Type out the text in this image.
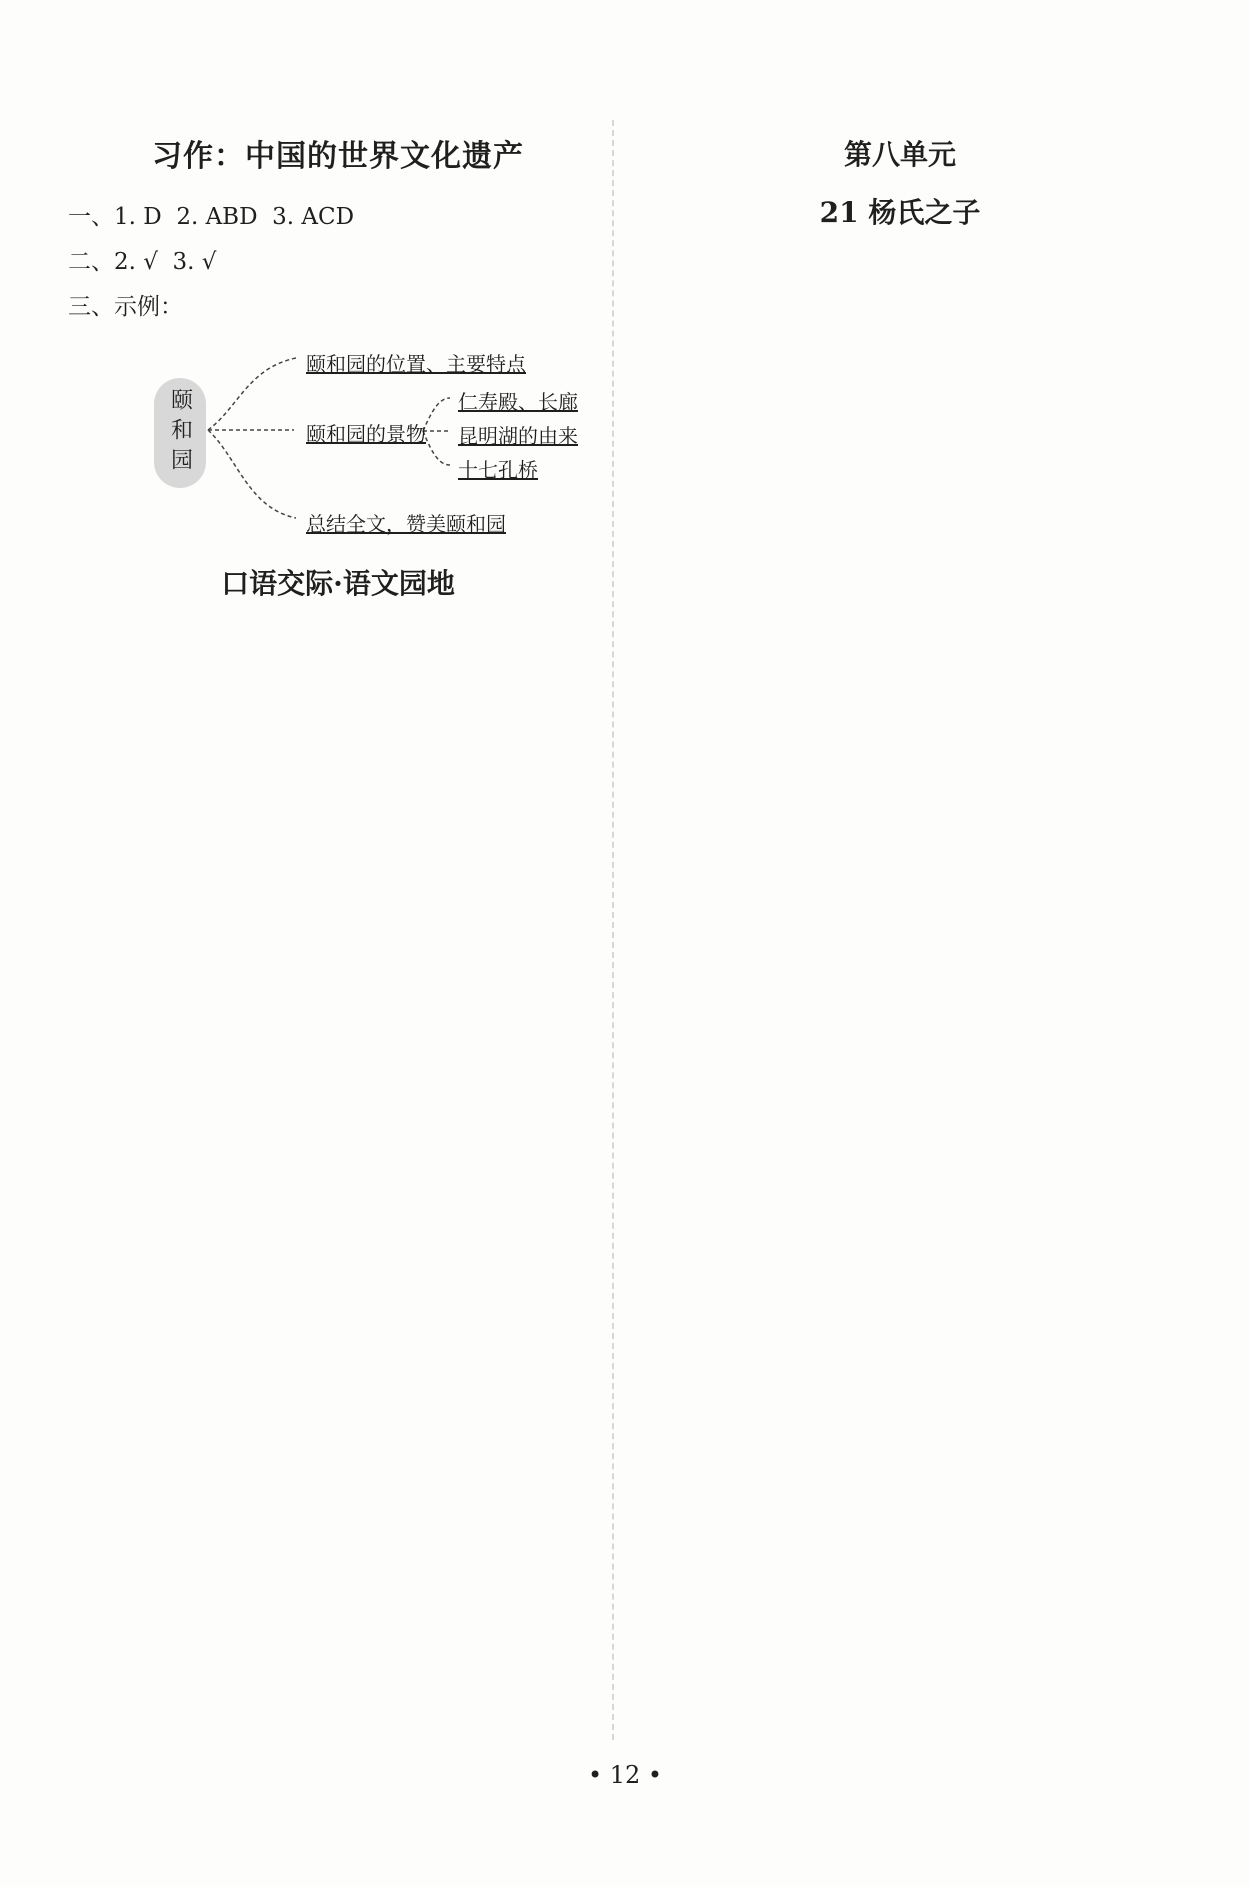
习作：中国的世界文化遗产
一、1. D  2. ABD  3. ACD
二、2. √  3. √
三、示例：
颐和园
颐和园的位置、主要特点
颐和园的景物
仁寿殿、长廊
昆明湖的由来
十七孔桥
总结全文，赞美颐和园
口语交际·语文园地
第八单元
21 杨氏之子
• 12 •
